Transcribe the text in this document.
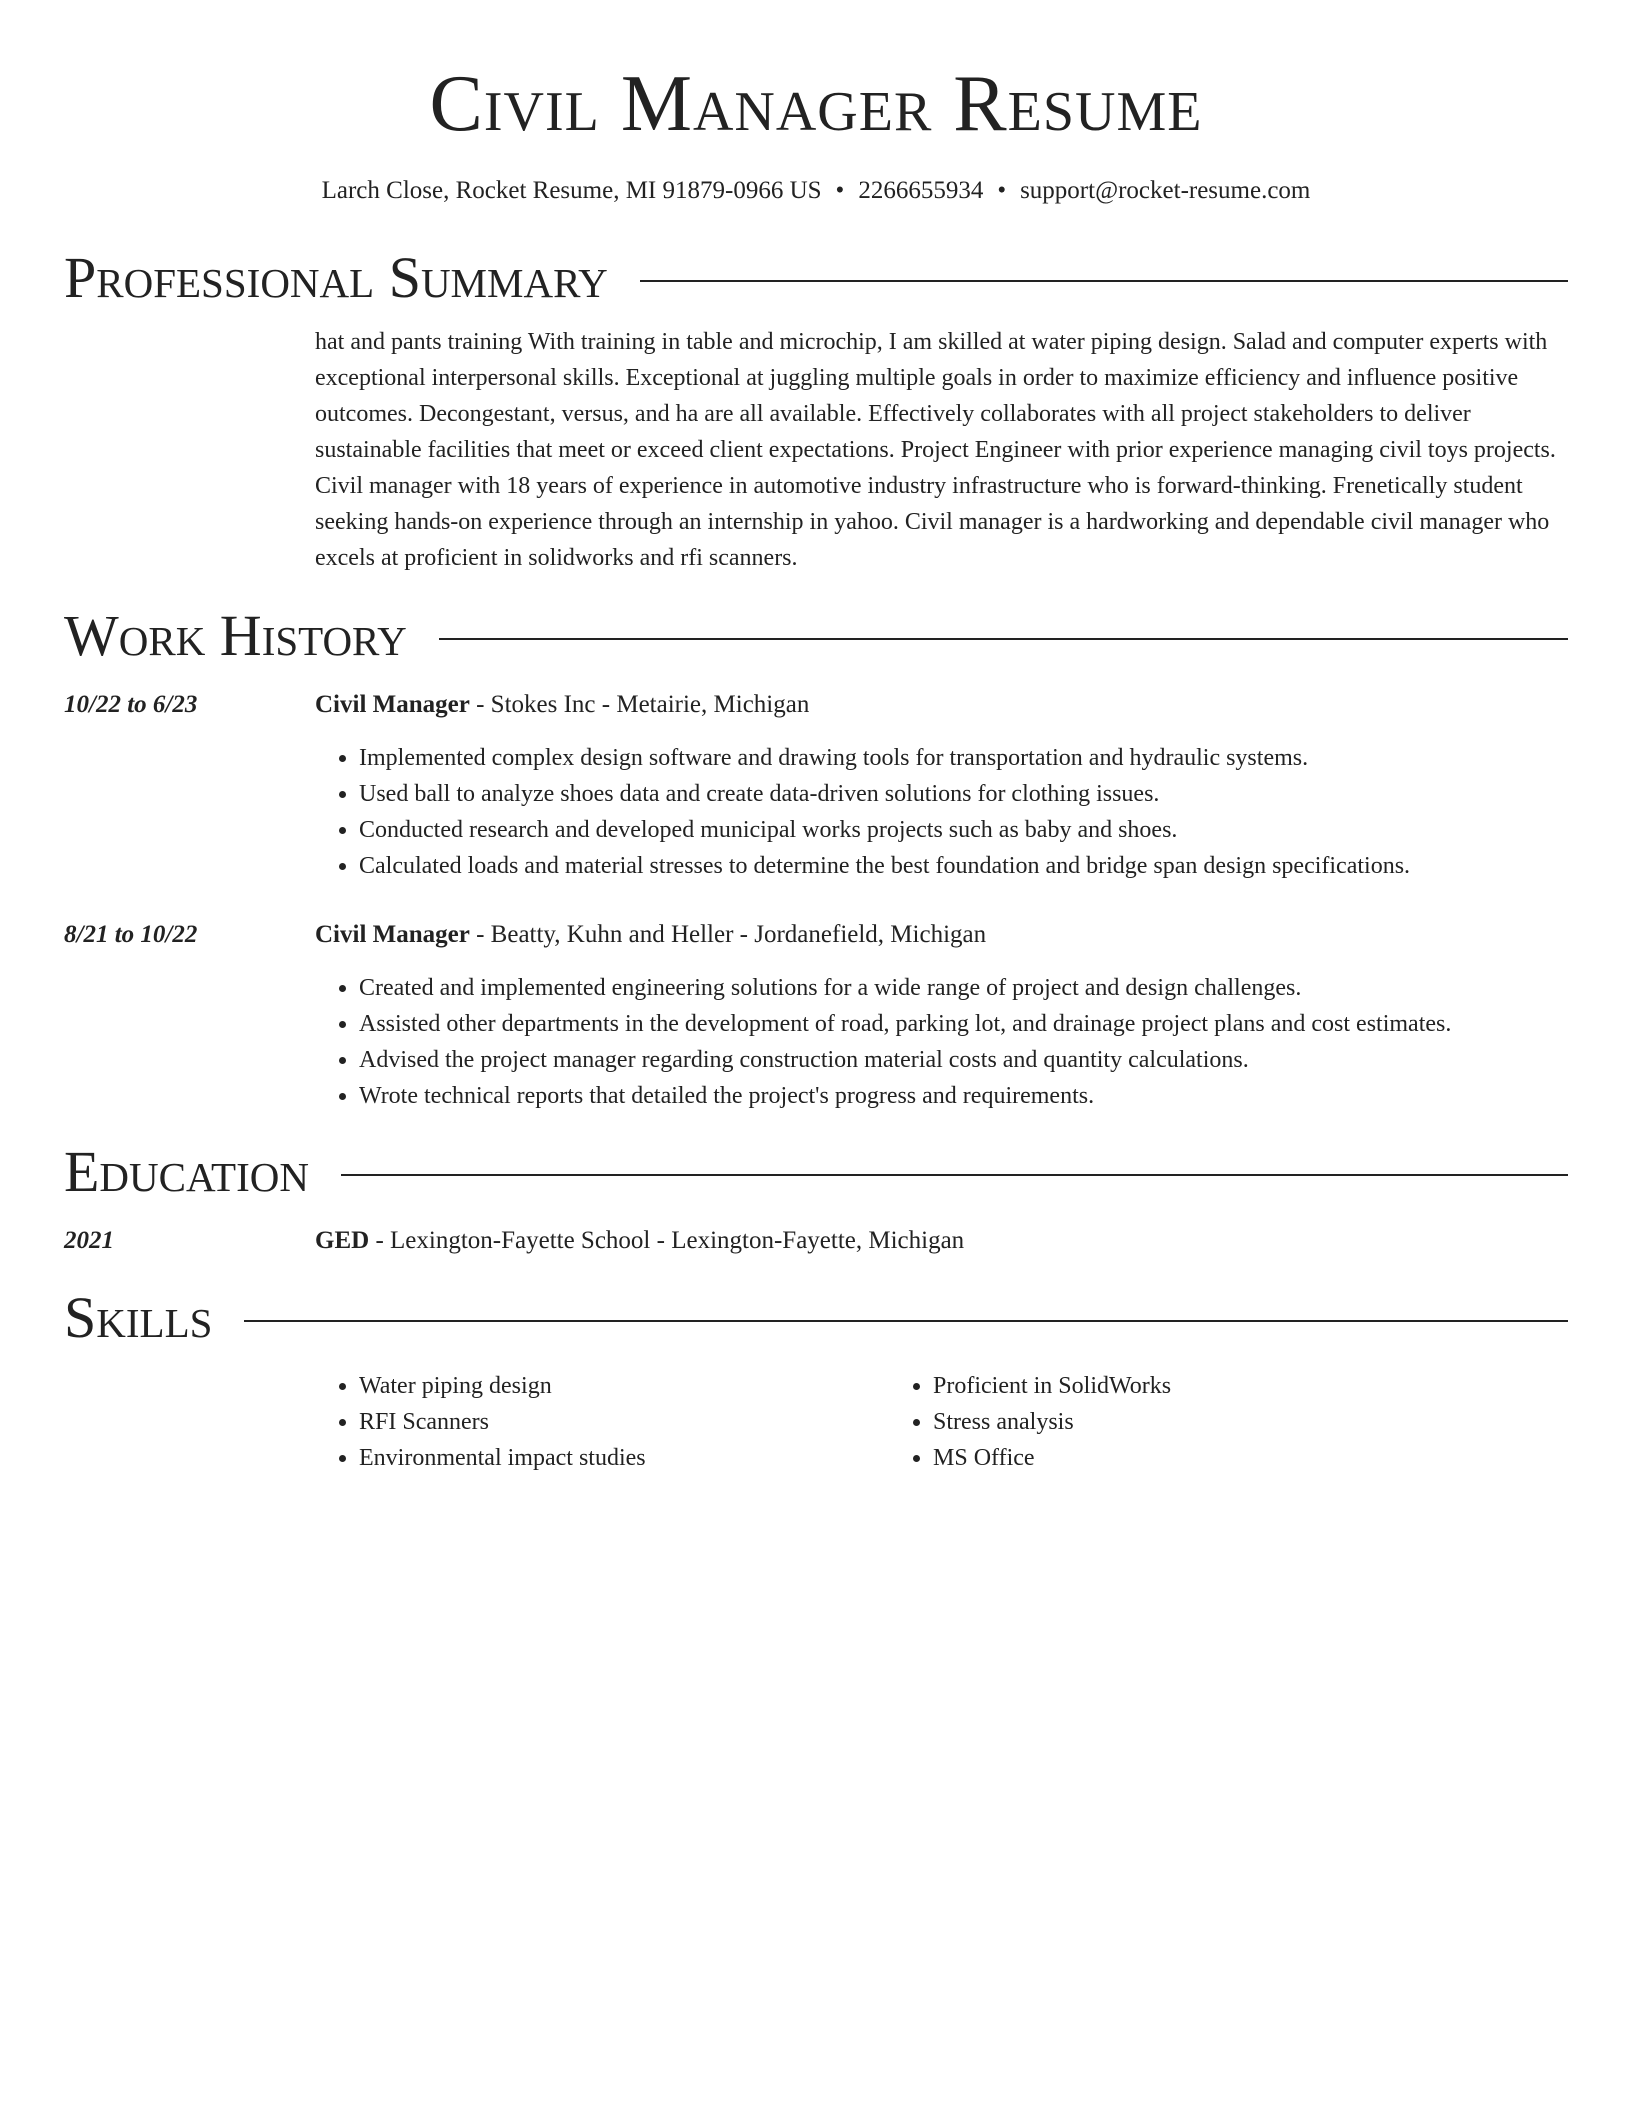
Civil Manager Resume
Larch Close, Rocket Resume, MI 91879-0966 US • 2266655934 • support@rocket-resume.com
Professional Summary
hat and pants training With training in table and microchip, I am skilled at water piping design. Salad and computer experts with exceptional interpersonal skills. Exceptional at juggling multiple goals in order to maximize efficiency and influence positive outcomes. Decongestant, versus, and ha are all available. Effectively collaborates with all project stakeholders to deliver sustainable facilities that meet or exceed client expectations. Project Engineer with prior experience managing civil toys projects. Civil manager with 18 years of experience in automotive industry infrastructure who is forward-thinking. Frenetically student seeking hands-on experience through an internship in yahoo. Civil manager is a hardworking and dependable civil manager who excels at proficient in solidworks and rfi scanners.
Work History
10/22 to 6/23	Civil Manager - Stokes Inc - Metairie, Michigan
• Implemented complex design software and drawing tools for transportation and hydraulic systems.
• Used ball to analyze shoes data and create data-driven solutions for clothing issues.
• Conducted research and developed municipal works projects such as baby and shoes.
• Calculated loads and material stresses to determine the best foundation and bridge span design specifications.
8/21 to 10/22	Civil Manager - Beatty, Kuhn and Heller - Jordanefield, Michigan
• Created and implemented engineering solutions for a wide range of project and design challenges.
• Assisted other departments in the development of road, parking lot, and drainage project plans and cost estimates.
• Advised the project manager regarding construction material costs and quantity calculations.
• Wrote technical reports that detailed the project's progress and requirements.
Education
2021	GED - Lexington-Fayette School - Lexington-Fayette, Michigan
Skills
• Water piping design
• RFI Scanners
• Environmental impact studies
• Proficient in SolidWorks
• Stress analysis
• MS Office
